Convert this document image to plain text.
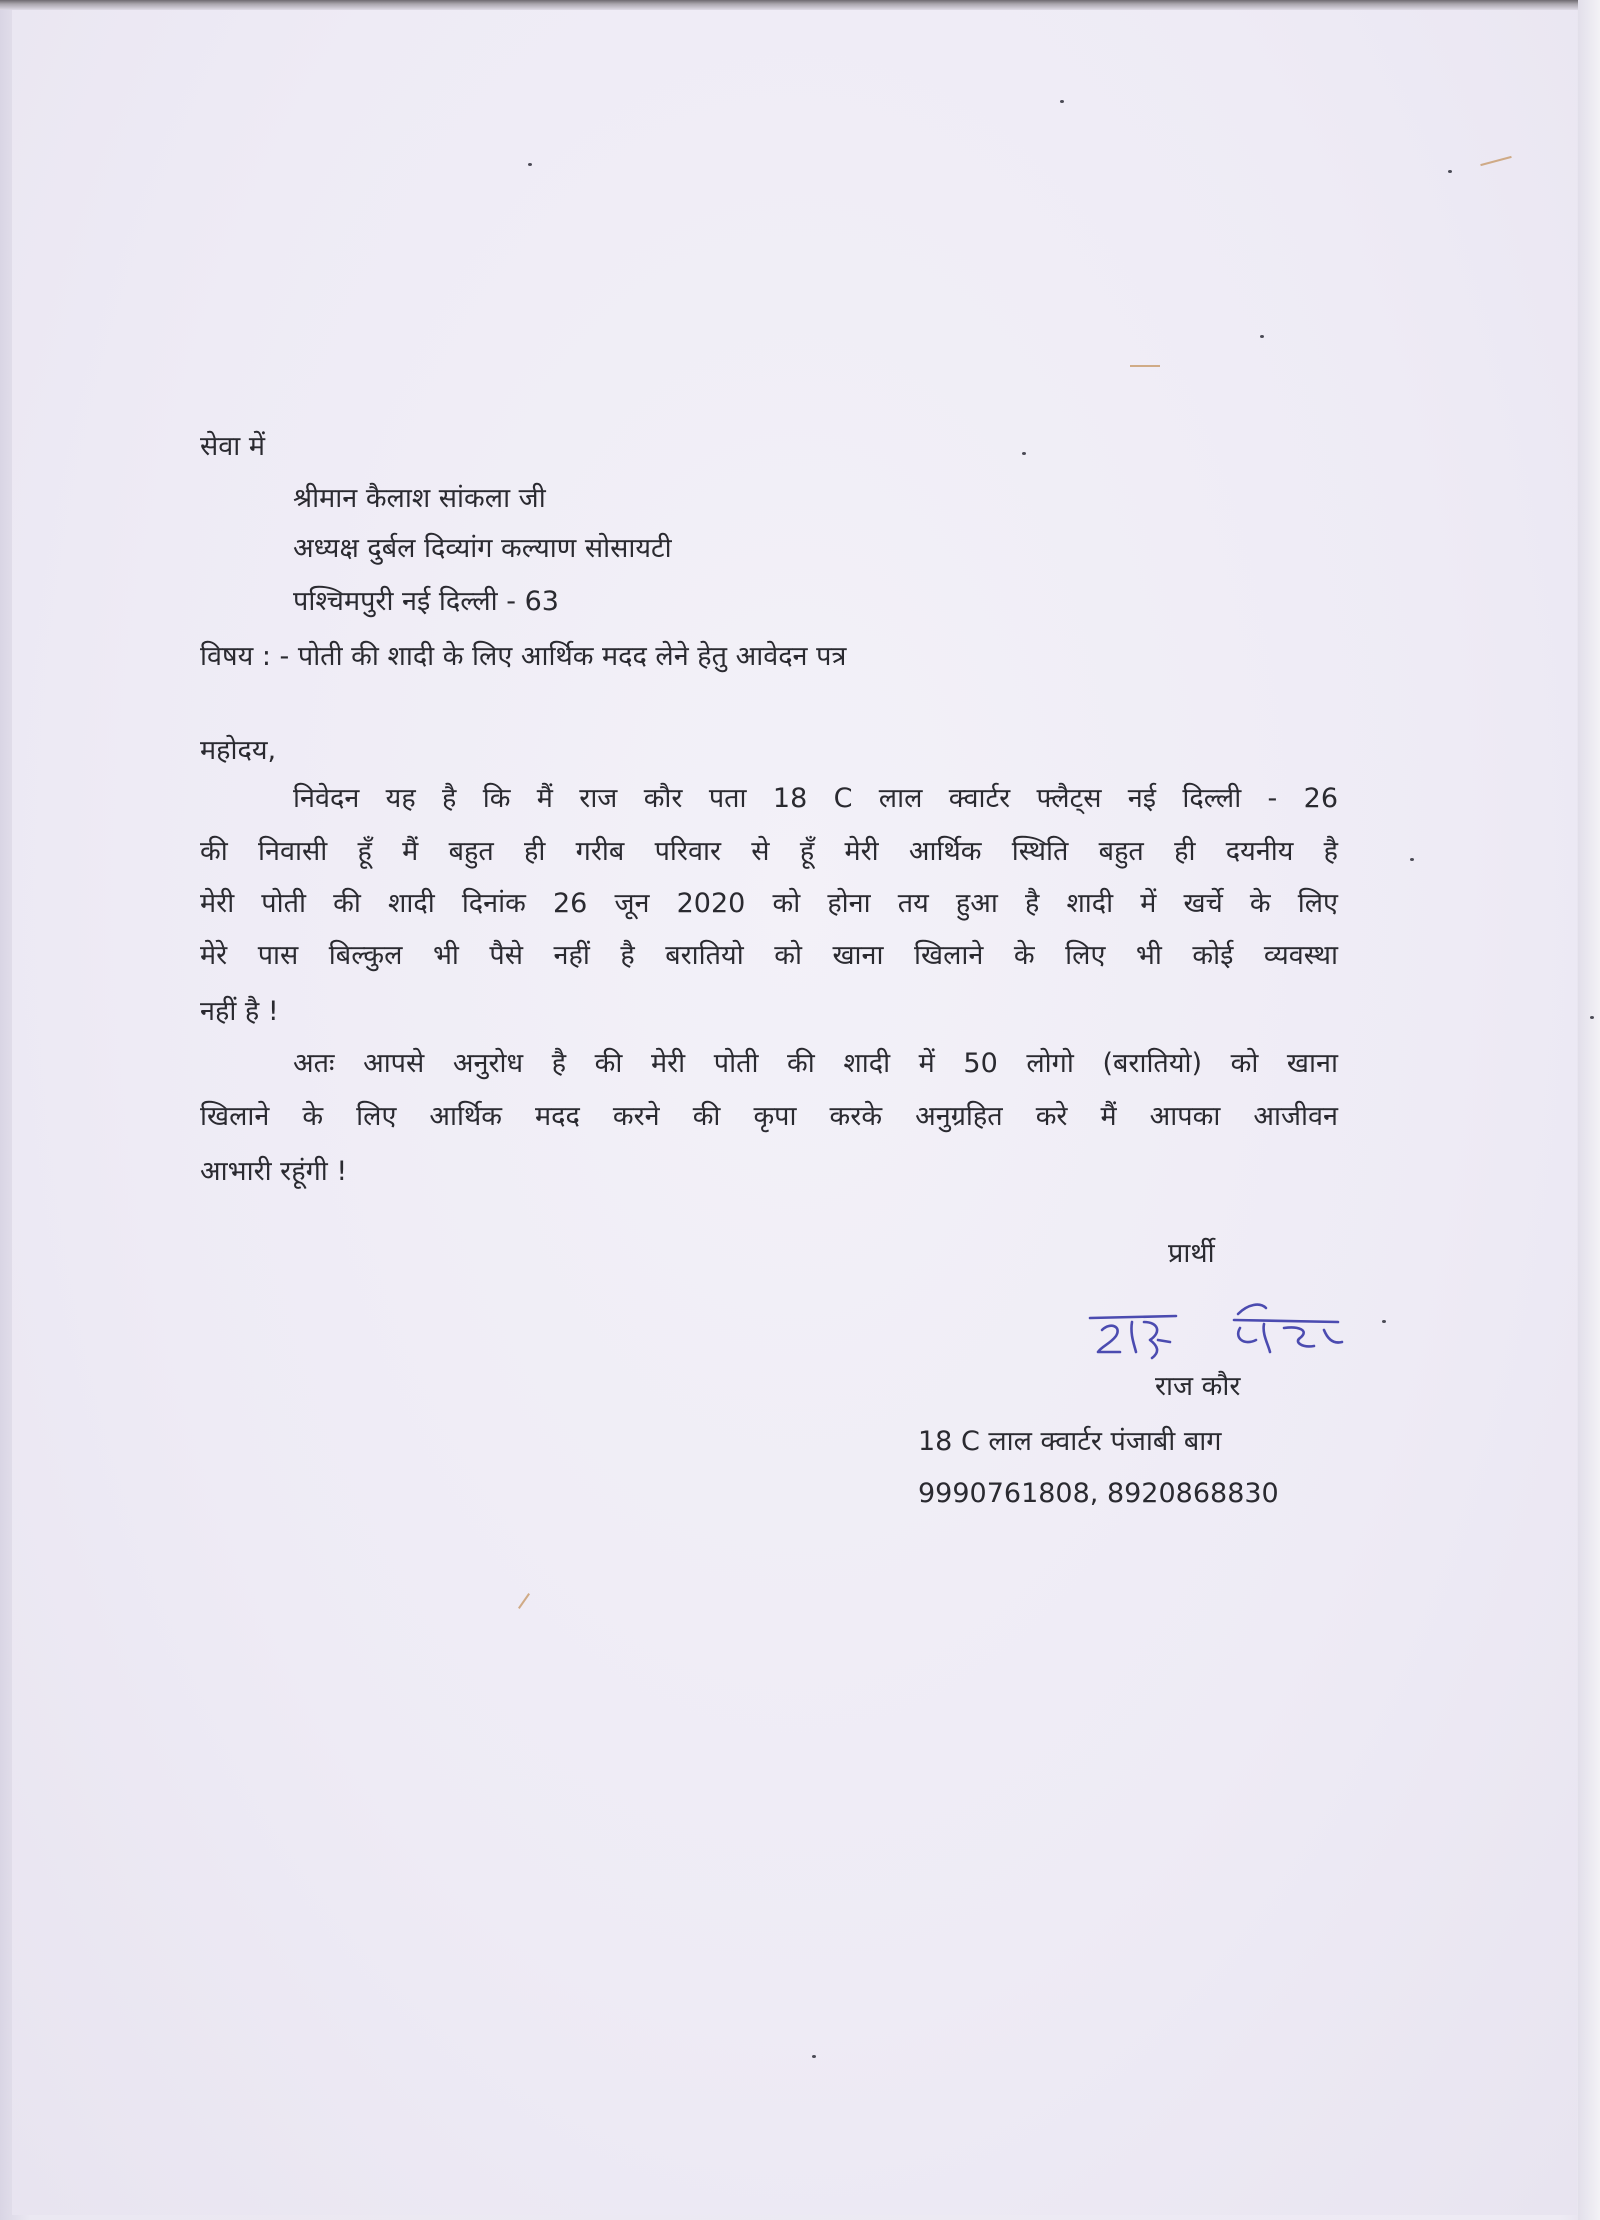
सेवा में
श्रीमान कैलाश सांकला जी
अध्यक्ष दुर्बल दिव्यांग कल्याण सोसायटी
पश्चिमपुरी नई दिल्ली - 63
विषय : - पोती की शादी के लिए आर्थिक मदद लेने हेतु आवेदन पत्र
महोदय,
निवेदन यह है कि मैं राज कौर पता 18 C लाल क्वार्टर फ्लैट्स नई दिल्ली - 26
की निवासी हूँ मैं बहुत ही गरीब परिवार से हूँ मेरी आर्थिक स्थिति बहुत ही दयनीय है
मेरी पोती की शादी दिनांक 26 जून 2020 को होना तय हुआ है शादी में खर्चे के लिए
मेरे पास बिल्कुल भी पैसे नहीं है बरातियो को खाना खिलाने के लिए भी कोई व्यवस्था
नहीं है !
अतः आपसे अनुरोध है की मेरी पोती की शादी में 50 लोगो (बरातियो) को खाना
खिलाने के लिए आर्थिक मदद करने की कृपा करके अनुग्रहित करे मैं आपका आजीवन
आभारी रहूंगी !
प्रार्थी
राज कौर
18 C लाल क्वार्टर पंजाबी बाग
9990761808, 8920868830
